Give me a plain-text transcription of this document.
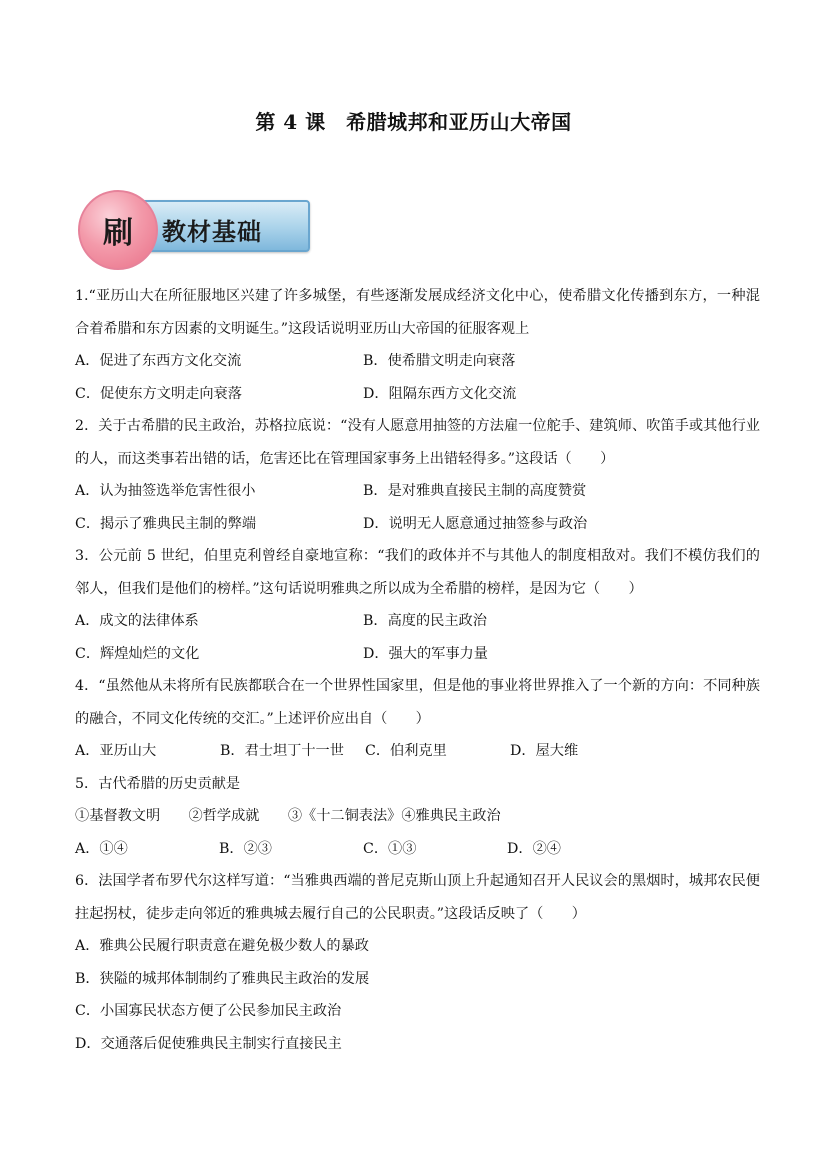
第 4 课　希腊城邦和亚历山大帝国
刷	教材基础

1.“亚历山大在所征服地区兴建了许多城堡，有些逐渐发展成经济文化中心，使希腊文化传播到东方，一种混合着希腊和东方因素的文明诞生。”这段话说明亚历山大帝国的征服客观上

A．促进了东西方文化交流	B．使希腊文明走向衰落
C．促使东方文明走向衰落	D．阻隔东西方文化交流

2．关于古希腊的民主政治，苏格拉底说：“没有人愿意用抽签的方法雇一位舵手、建筑师、吹笛手或其他行业的人，而这类事若出错的话，危害还比在管理国家事务上出错轻得多。”这段话（　　）

A．认为抽签选举危害性很小	B．是对雅典直接民主制的高度赞赏
C．揭示了雅典民主制的弊端	D．说明无人愿意通过抽签参与政治

3．公元前 5 世纪，伯里克利曾经自豪地宣称：“我们的政体并不与其他人的制度相敌对。我们不模仿我们的邻人，但我们是他们的榜样。”这句话说明雅典之所以成为全希腊的榜样，是因为它（　　）

A．成文的法律体系	B．高度的民主政治
C．辉煌灿烂的文化	D．强大的军事力量

4．“虽然他从未将所有民族都联合在一个世界性国家里，但是他的事业将世界推入了一个新的方向：不同种族的融合，不同文化传统的交汇。”上述评价应出自（　　）

A．亚历山大	B．君士坦丁十一世	C．伯利克里	D．屋大维

5．古代希腊的历史贡献是

①基督教文明　　②哲学成就　　③《十二铜表法》④雅典民主政治

A．①④	B．②③	C．①③	D．②④

6．法国学者布罗代尔这样写道：“当雅典西端的普尼克斯山顶上升起通知召开人民议会的黑烟时，城邦农民便拄起拐杖，徒步走向邻近的雅典城去履行自己的公民职责。”这段话反映了（　　）

A．雅典公民履行职责意在避免极少数人的暴政

B．狭隘的城邦体制制约了雅典民主政治的发展

C．小国寡民状态方便了公民参加民主政治

D．交通落后促使雅典民主制实行直接民主
